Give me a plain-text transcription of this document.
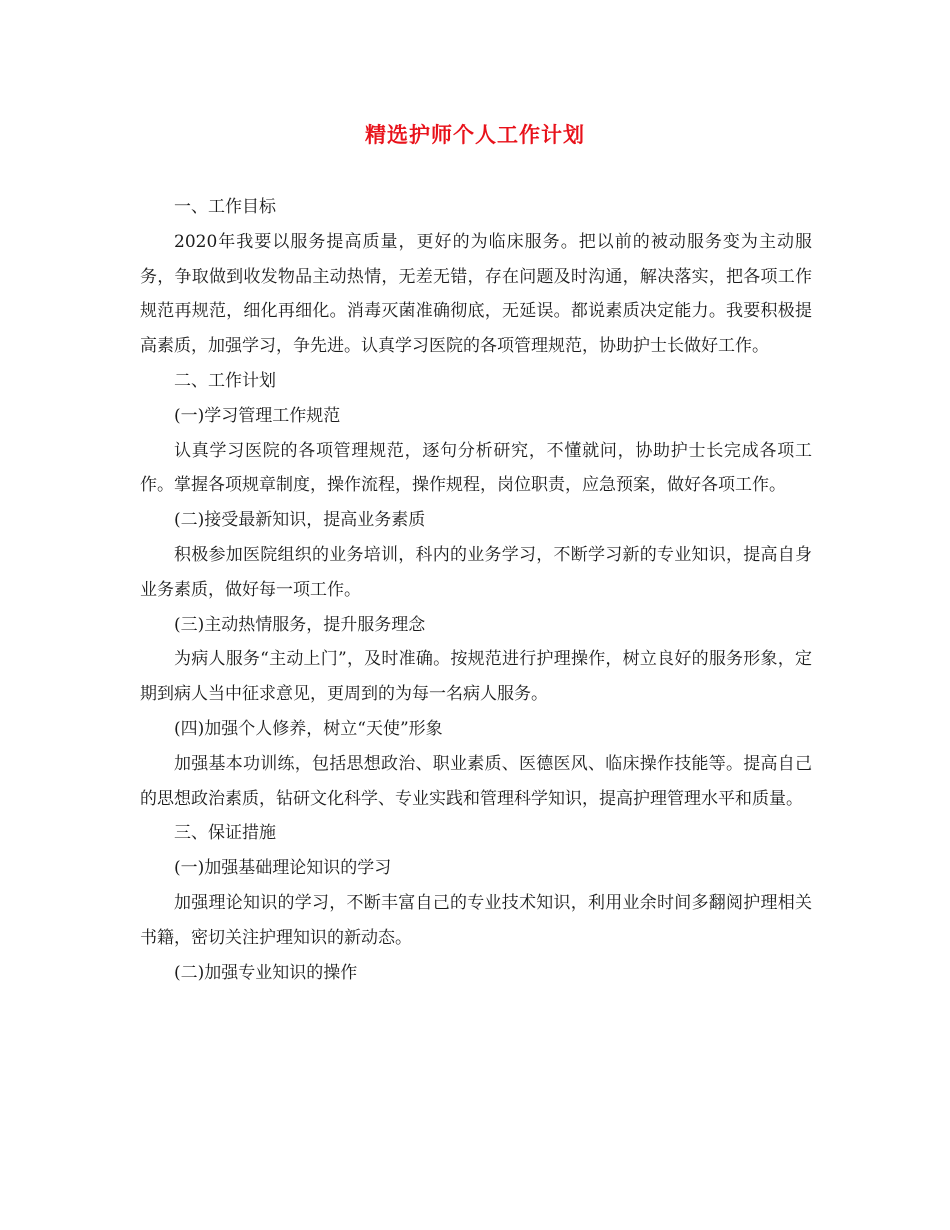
精选护师个人工作计划

一、工作目标

2020年我要以服务提高质量，更好的为临床服务。把以前的被动服务变为主动服务，争取做到收发物品主动热情，无差无错，存在问题及时沟通，解决落实，把各项工作规范再规范，细化再细化。消毒灭菌准确彻底，无延误。都说素质决定能力。我要积极提高素质，加强学习，争先进。认真学习医院的各项管理规范，协助护士长做好工作。

二、工作计划

(一)学习管理工作规范

认真学习医院的各项管理规范，逐句分析研究，不懂就问，协助护士长完成各项工作。掌握各项规章制度，操作流程，操作规程，岗位职责，应急预案，做好各项工作。

(二)接受最新知识，提高业务素质

积极参加医院组织的业务培训，科内的业务学习，不断学习新的专业知识，提高自身业务素质，做好每一项工作。

(三)主动热情服务，提升服务理念

为病人服务“主动上门”，及时准确。按规范进行护理操作，树立良好的服务形象，定期到病人当中征求意见，更周到的为每一名病人服务。

(四)加强个人修养，树立“天使”形象

加强基本功训练，包括思想政治、职业素质、医德医风、临床操作技能等。提高自己的思想政治素质，钻研文化科学、专业实践和管理科学知识，提高护理管理水平和质量。

三、保证措施

(一)加强基础理论知识的学习

加强理论知识的学习，不断丰富自己的专业技术知识，利用业余时间多翻阅护理相关书籍，密切关注护理知识的新动态。

(二)加强专业知识的操作
